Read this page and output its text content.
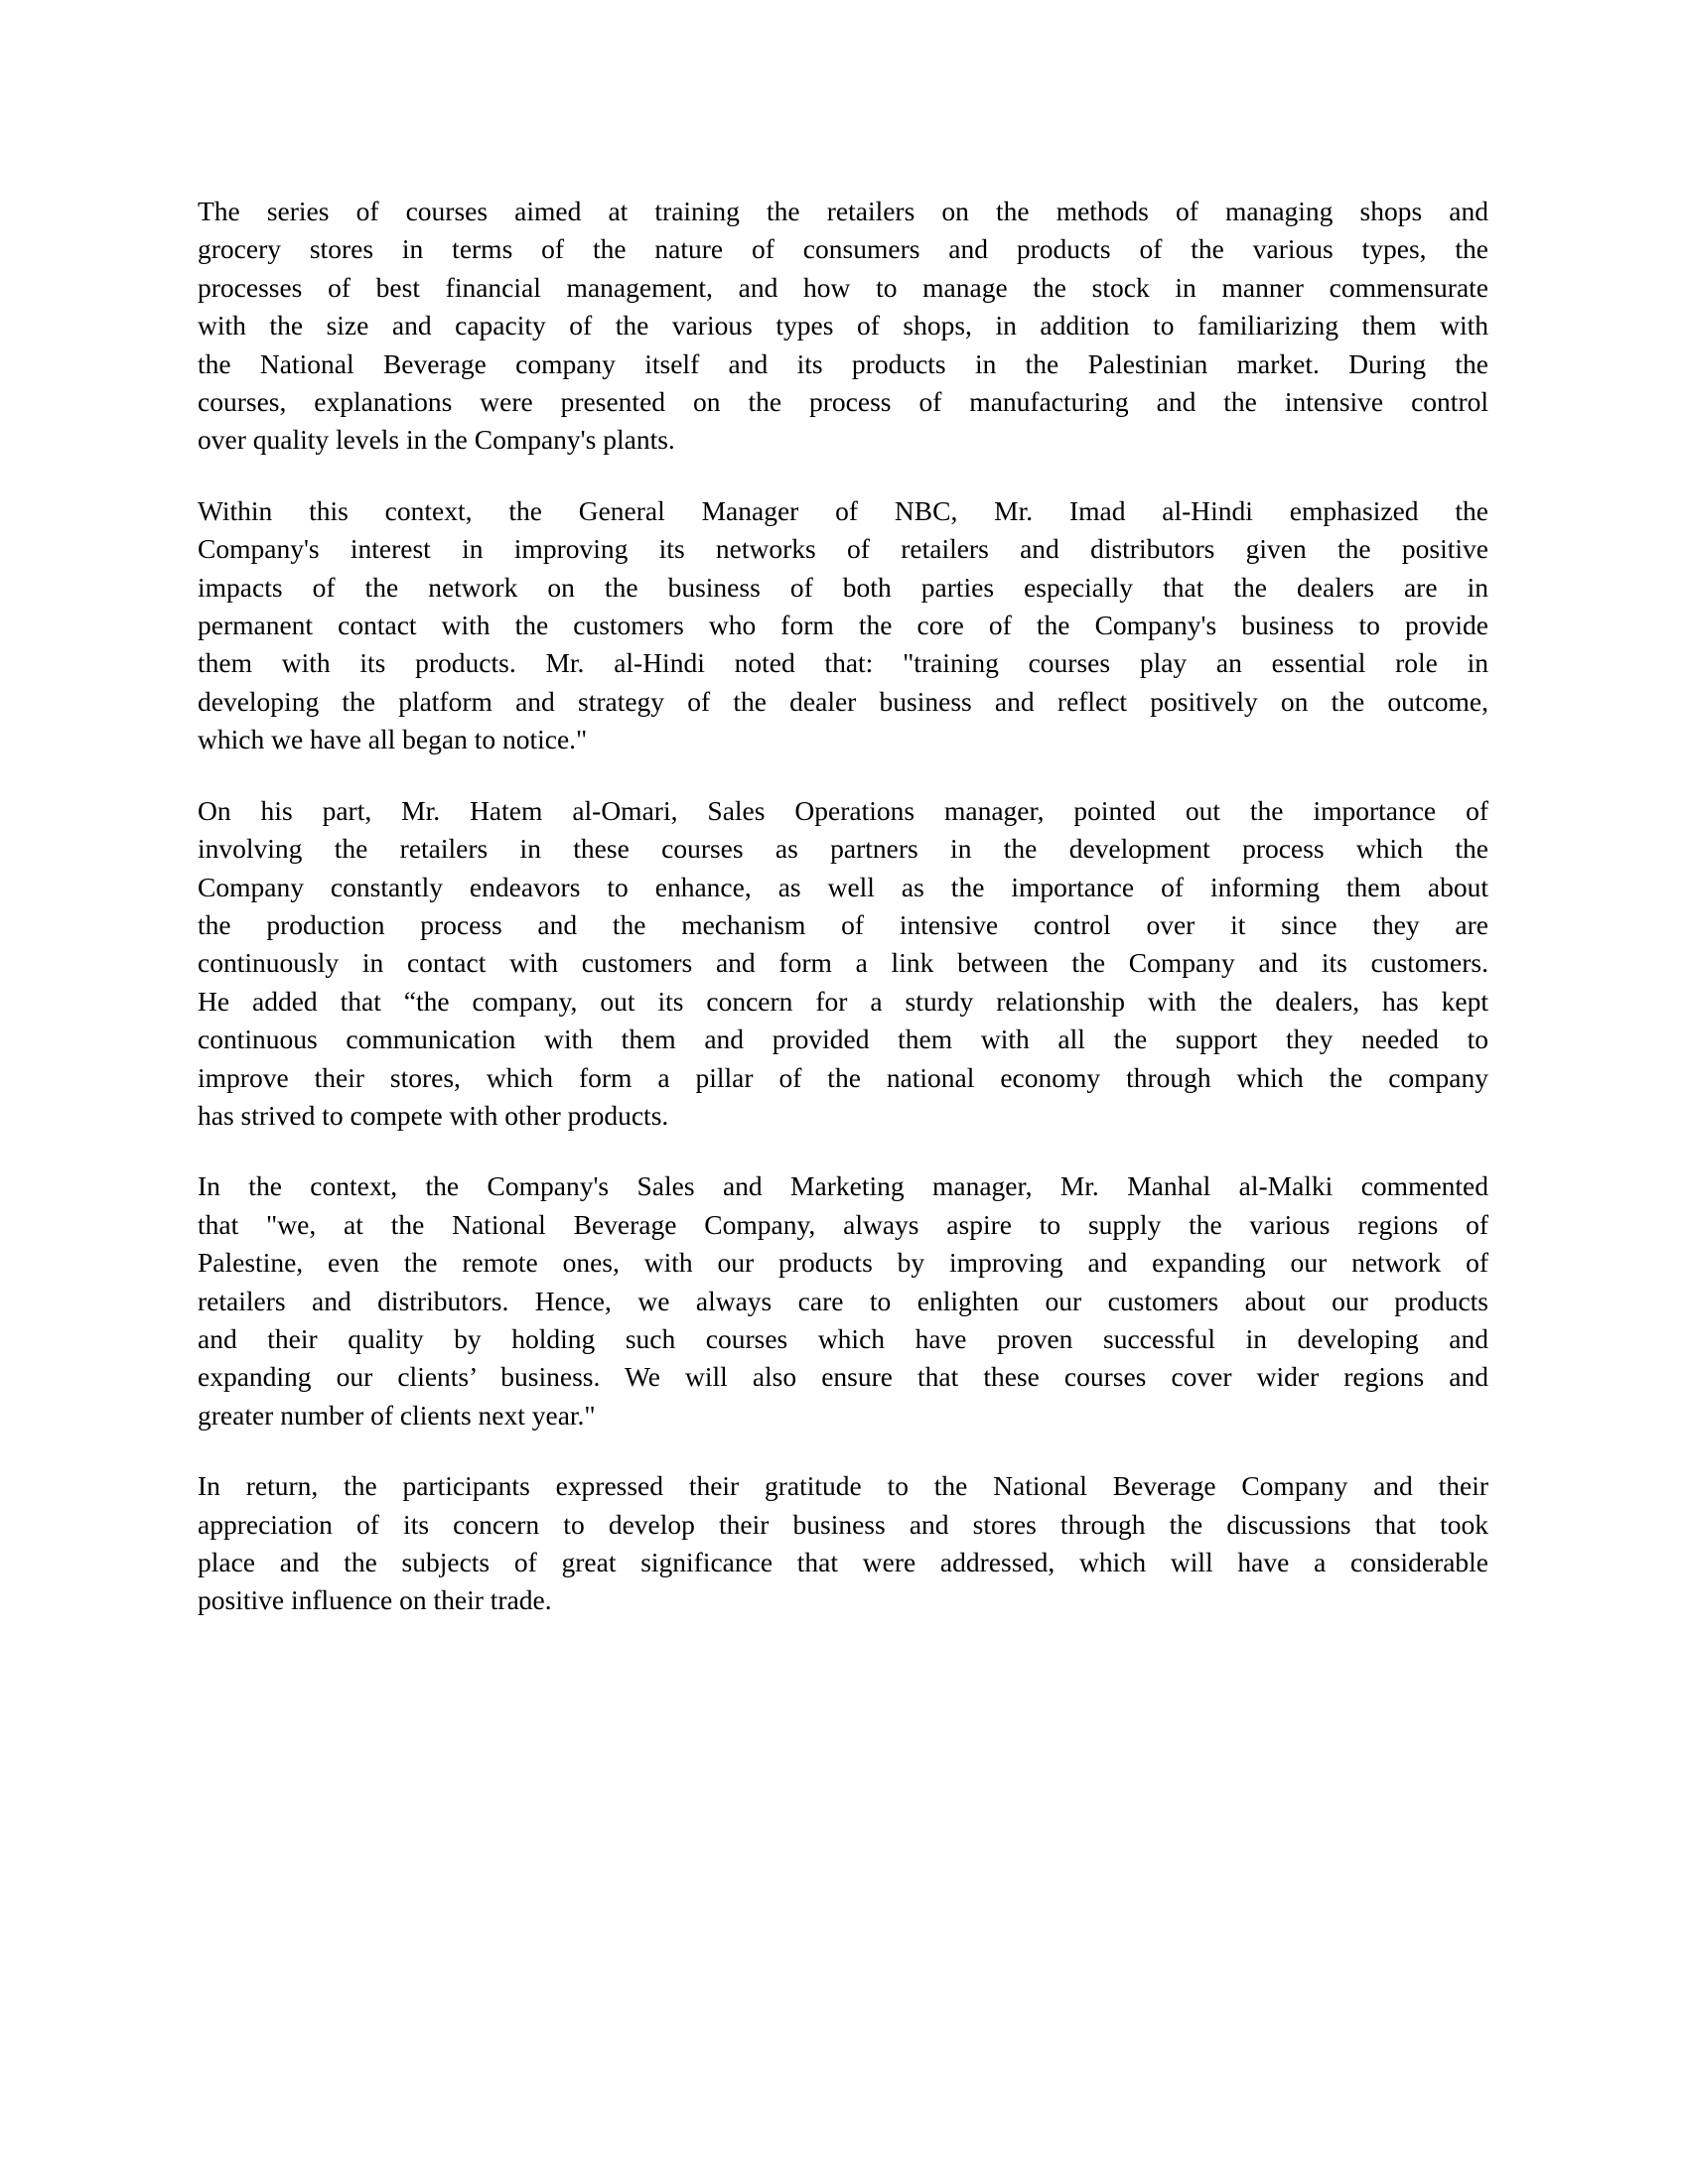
The series of courses aimed at training the retailers on the methods of managing shops and
grocery stores in terms of the nature of consumers and products of the various types, the
processes of best financial management, and how to manage the stock in manner commensurate
with the size and capacity of the various types of shops, in addition to familiarizing them with
the National Beverage company itself and its products in the Palestinian market. During the
courses, explanations were presented on the process of manufacturing and the intensive control
over quality levels in the Company's plants.
Within this context, the General Manager of NBC, Mr. Imad al-Hindi emphasized the
Company's interest in improving its networks of retailers and distributors given the positive
impacts of the network on the business of both parties especially that the dealers are in
permanent contact with the customers who form the core of the Company's business to provide
them with its products. Mr. al-Hindi noted that: "training courses play an essential role in
developing the platform and strategy of the dealer business and reflect positively on the outcome,
which we have all began to notice."
On his part, Mr. Hatem al-Omari, Sales Operations manager, pointed out the importance of
involving the retailers in these courses as partners in the development process which the
Company constantly endeavors to enhance, as well as the importance of informing them about
the production process and the mechanism of intensive control over it since they are
continuously in contact with customers and form a link between the Company and its customers.
He added that “the company, out its concern for a sturdy relationship with the dealers, has kept
continuous communication with them and provided them with all the support they needed to
improve their stores, which form a pillar of the national economy through which the company
has strived to compete with other products.
In the context, the Company's Sales and Marketing manager, Mr. Manhal al-Malki commented
that "we, at the National Beverage Company, always aspire to supply the various regions of
Palestine, even the remote ones, with our products by improving and expanding our network of
retailers and distributors. Hence, we always care to enlighten our customers about our products
and their quality by holding such courses which have proven successful in developing and
expanding our clients’ business. We will also ensure that these courses cover wider regions and
greater number of clients next year."
In return, the participants expressed their gratitude to the National Beverage Company and their
appreciation of its concern to develop their business and stores through the discussions that took
place and the subjects of great significance that were addressed, which will have a considerable
positive influence on their trade.
